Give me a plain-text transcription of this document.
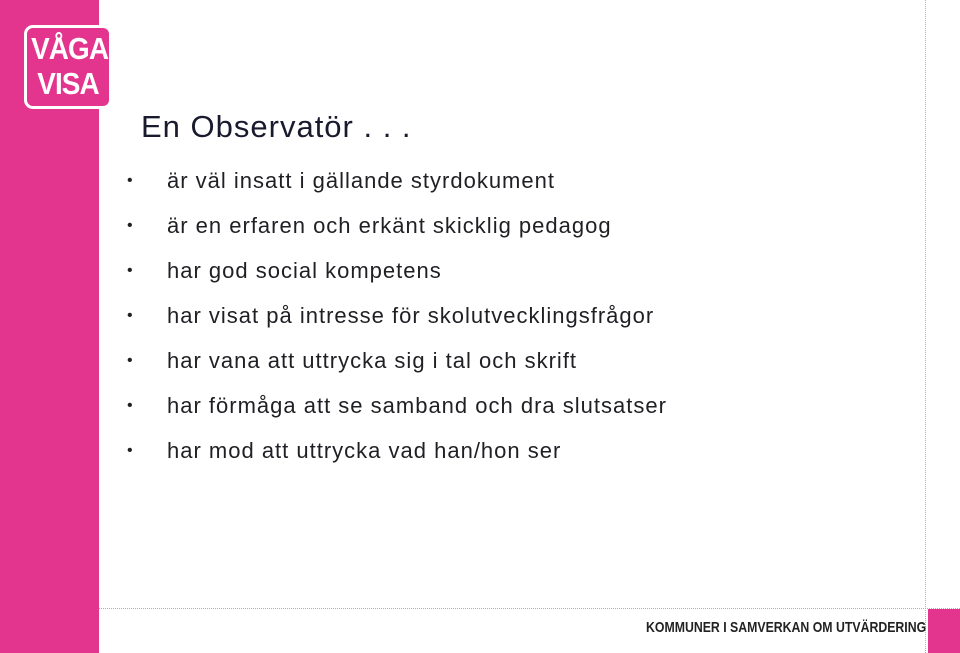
VÅGA
VISA
En Observatör . . .
• är väl insatt i gällande styrdokument
• är en erfaren och erkänt skicklig pedagog
• har god social kompetens
• har visat på intresse för skolutvecklingsfrågor
• har vana att uttrycka sig i tal och skrift
• har förmåga att se samband och dra slutsatser
• har mod att uttrycka vad han/hon ser
KOMMUNER I SAMVERKAN OM UTVÄRDERING
